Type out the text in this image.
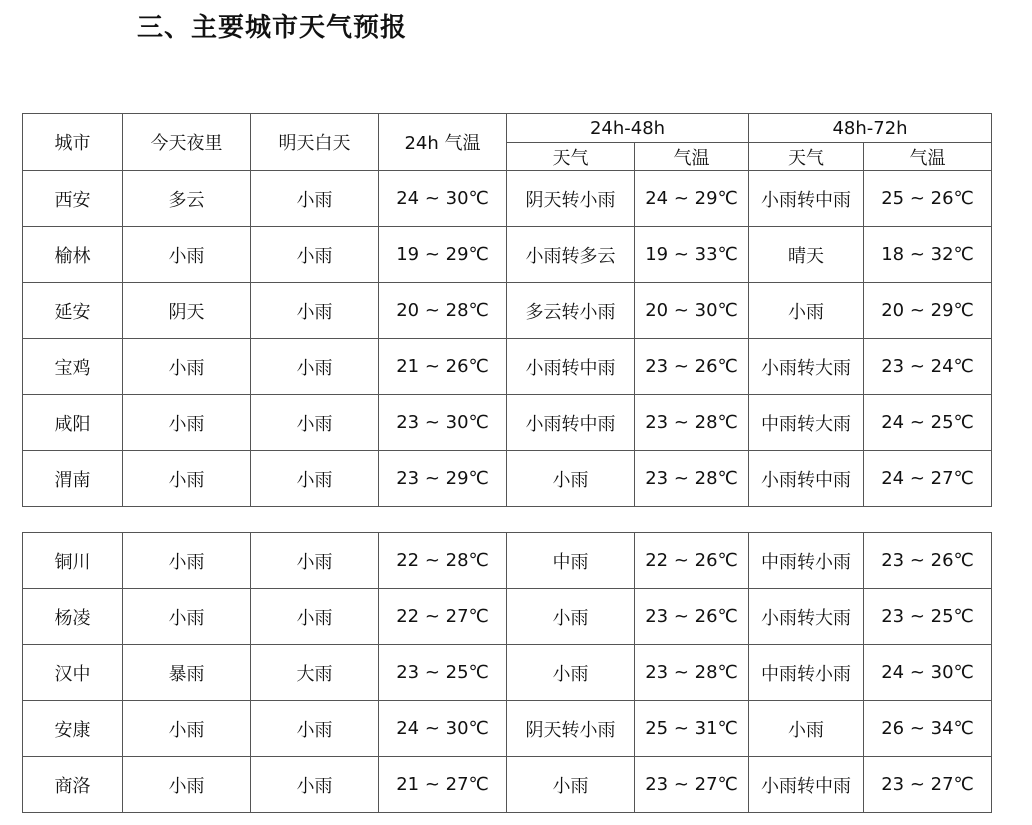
三、主要城市天气预报
城市	今天夜里	明天白天	24h 气温	24h-48h		48h-72h	
				天气	气温	天气	气温
西安	多云	小雨	24 ~ 30℃	阴天转小雨	24 ~ 29℃	小雨转中雨	25 ~ 26℃
榆林	小雨	小雨	19 ~ 29℃	小雨转多云	19 ~ 33℃	晴天	18 ~ 32℃
延安	阴天	小雨	20 ~ 28℃	多云转小雨	20 ~ 30℃	小雨	20 ~ 29℃
宝鸡	小雨	小雨	21 ~ 26℃	小雨转中雨	23 ~ 26℃	小雨转大雨	23 ~ 24℃
咸阳	小雨	小雨	23 ~ 30℃	小雨转中雨	23 ~ 28℃	中雨转大雨	24 ~ 25℃
渭南	小雨	小雨	23 ~ 29℃	小雨	23 ~ 28℃	小雨转中雨	24 ~ 27℃
铜川	小雨	小雨	22 ~ 28℃	中雨	22 ~ 26℃	中雨转小雨	23 ~ 26℃
杨凌	小雨	小雨	22 ~ 27℃	小雨	23 ~ 26℃	小雨转大雨	23 ~ 25℃
汉中	暴雨	大雨	23 ~ 25℃	小雨	23 ~ 28℃	中雨转小雨	24 ~ 30℃
安康	小雨	小雨	24 ~ 30℃	阴天转小雨	25 ~ 31℃	小雨	26 ~ 34℃
商洛	小雨	小雨	21 ~ 27℃	小雨	23 ~ 27℃	小雨转中雨	23 ~ 27℃
